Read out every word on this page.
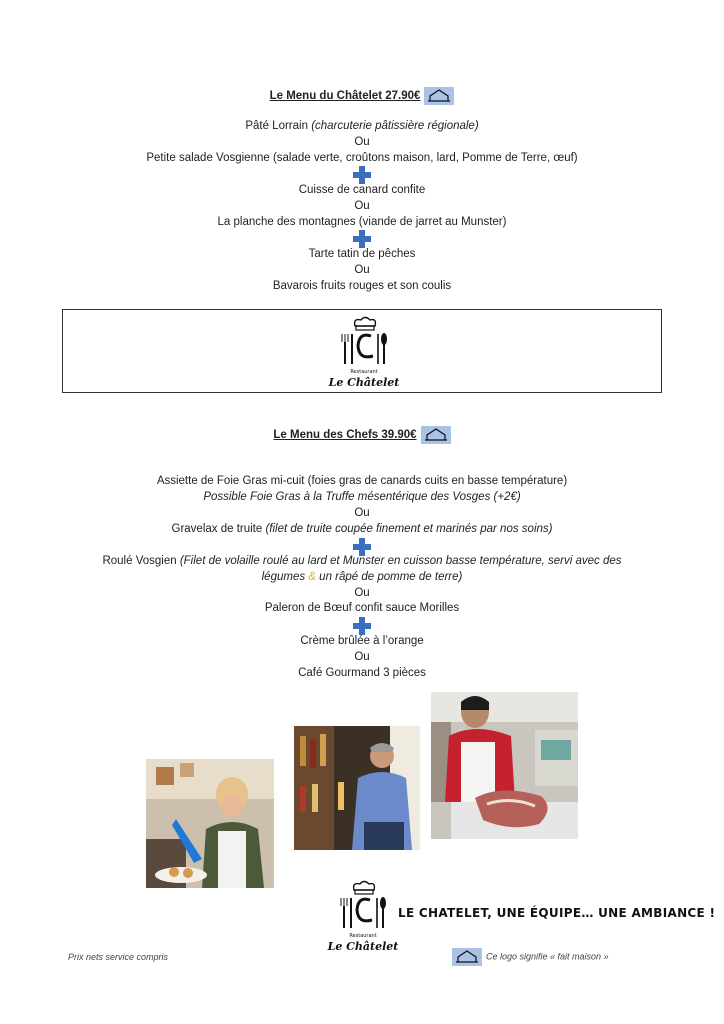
Le Menu du Châtelet 27.90€
Pâté Lorrain (charcuterie pâtissière régionale)
Ou
Petite salade Vosgienne (salade verte, croûtons maison, lard, Pomme de Terre, œuf)
Cuisse de canard confite
Ou
La planche des montagnes (viande de jarret au Munster)
Tarte tatin de pêches
Ou
Bavarois fruits rouges et son coulis
Restaurant
Le Châtelet
Le Menu des Chefs 39.90€
Assiette de Foie Gras mi-cuit (foies gras de canards cuits en basse température)
Possible Foie Gras à la Truffe mésentérique des Vosges (+2€)
Ou
Gravelax de truite (filet de truite coupée finement et marinés par nos soins)
Roulé Vosgien (Filet de volaille roulé au lard et Munster en cuisson basse température, servi avec des
légumes & un râpé de pomme de terre)
Ou
Paleron de Bœuf confit sauce Morilles
Crème brûlée à l’orange
Ou
Café Gourmand 3 pièces
Restaurant
Le Châtelet
LE CHATELET, UNE ÉQUIPE… UNE AMBIANCE !
Prix nets service compris	Ce logo signifie « fait maison »
